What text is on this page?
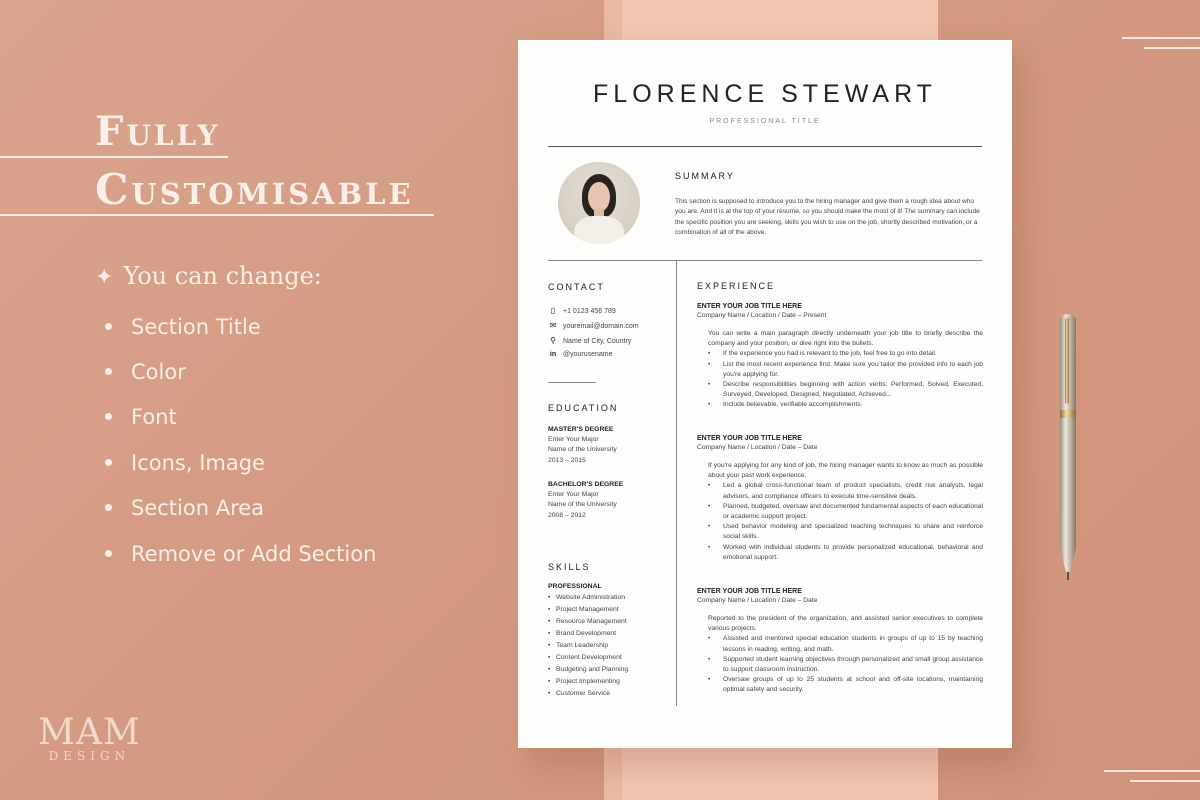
Fully
Customisable
✦ You can change:
Section Title
Color
Font
Icons, Image
Section Area
Remove or Add Section
MAM
DESIGN
FLORENCE STEWART
PROFESSIONAL TITLE
SUMMARY
This section is supposed to introduce you to the hiring manager and give them a rough idea about who you are. And it is at the top of your resume, so you should make the most of it! The summary can include the specific position you are seeking, skills you wish to use on the job, shortly described motivation, or a combination of all of the above.
CONTACT
▯ +1 0123 456 789
✉ youremail@domain.com
⚲ Name of City, Country
in @yourusename
EDUCATION
MASTER'S DEGREE
Enter Your Major
Name of the University
2013 – 2015
BACHELOR'S DEGREE
Enter Your Major
Name of the University
2008 – 2012
SKILLS
PROFESSIONAL
• Website Administration
• Project Management
• Resource Management
• Brand Development
• Team Leadership
• Content Development
• Budgeting and Planning
• Project Implementing
• Customer Service
EXPERIENCE
ENTER YOUR JOB TITLE HERE
Company Name / Location / Date – Present
You can write a main paragraph directly underneath your job title to briefly describe the company and your position, or dive right into the bullets.
• If the experience you had is relevant to the job, feel free to go into detail.
• List the most recent experience first. Make sure you tailor the provided info to each job you're applying for.
• Describe responsibilities beginning with action verbs: Performed, Solved, Executed, Surveyed, Developed, Designed, Negotiated, Achieved...
• Include believable, verifiable accomplishments.
ENTER YOUR JOB TITLE HERE
Company Name / Location / Date – Date
If you're applying for any kind of job, the hiring manager wants to know as much as possible about your past work experience.
• Led a global cross-functional team of product specialists, credit risk analysts, legal advisors, and compliance officers to execute time-sensitive deals.
• Planned, budgeted, oversaw and documented fundamental aspects of each educational or academic support project.
• Used behavior modeling and specialized teaching techniques to share and reinforce social skills.
• Worked with individual students to provide personalized educational, behavioral and emotional support.
ENTER YOUR JOB TITLE HERE
Company Name / Location / Date – Date
Reported to the president of the organization, and assisted senior executives to complete various projects.
• Assisted and mentored special education students in groups of up to 15 by teaching lessons in reading, writing, and math.
• Supported student learning objectives through personalized and small group assistance to support classroom instruction.
• Oversaw groups of up to 25 students at school and off-site locations, maintaining optimal safety and security.
